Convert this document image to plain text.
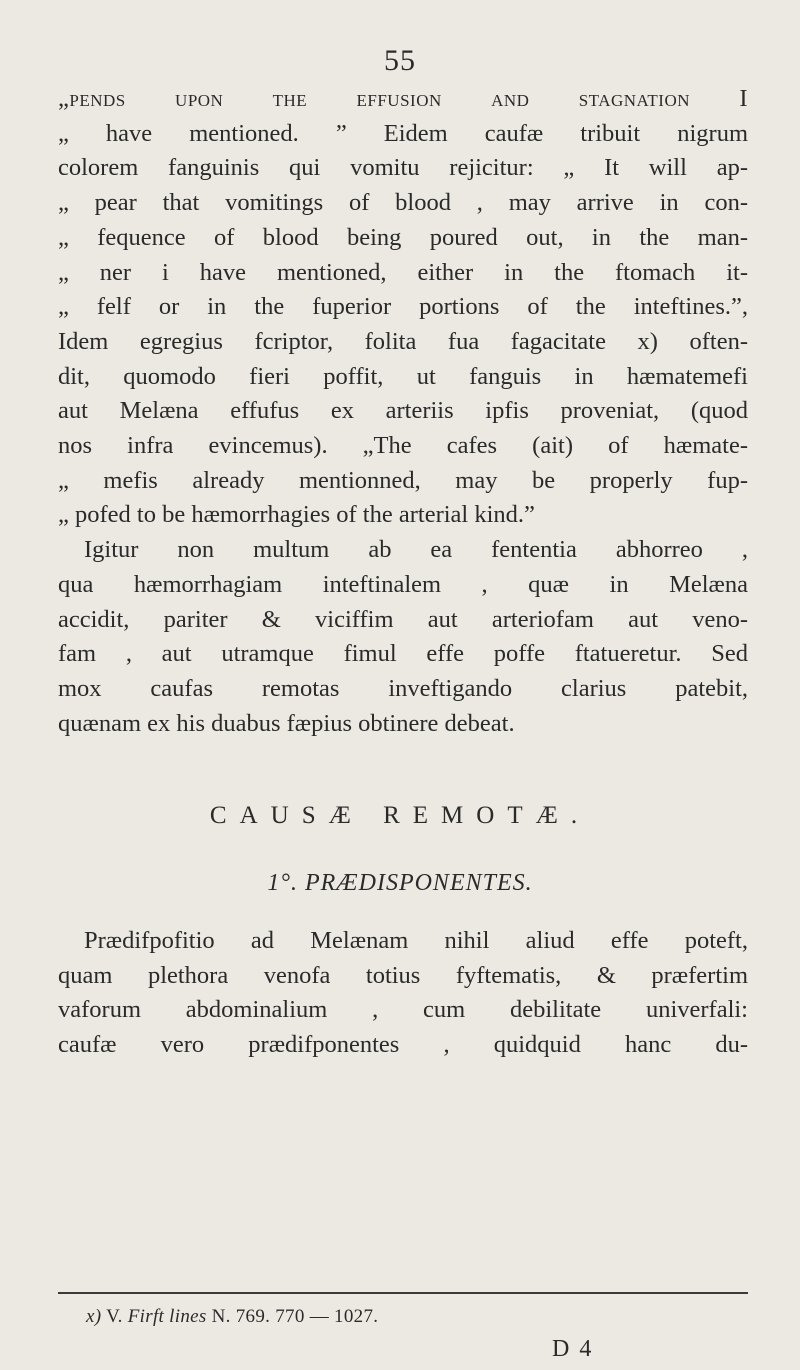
55
„pends upon the effusion and stagnation I
„ have mentioned. ” Eidem caufæ tribuit nigrum
colorem fanguinis qui vomitu rejicitur: „ It will ap-
„ pear that vomitings of blood , may arrive in con-
„ fequence of blood being poured out, in the man-
„ ner i have mentioned, either in the ftomach it-
„ felf or in the fuperior portions of the inteftines.”,
Idem egregius fcriptor, folita fua fagacitate x) often-
dit, quomodo fieri poffit, ut fanguis in hæmatemefi
aut Melæna effufus ex arteriis ipfis proveniat, (quod
nos infra evincemus). „The cafes (ait) of hæmate-
„ mefis already mentionned, may be properly fup-
„ pofed to be hæmorrhagies of the arterial kind.”
Igitur non multum ab ea fententia abhorreo ,
qua hæmorrhagiam inteftinalem , quæ in Melæna
accidit, pariter & viciffim aut arteriofam aut veno-
fam , aut utramque fimul effe poffe ftatueretur. Sed
mox caufas remotas inveftigando clarius patebit,
quænam ex his duabus fæpius obtinere debeat.
CAUSÆ REMOTÆ.
1°. PRÆDISPONENTES.
Prædifpofitio ad Melænam nihil aliud effe poteft,
quam plethora venofa totius fyftematis, & præfertim
vaforum abdominalium , cum debilitate univerfali:
caufæ vero prædifponentes , quidquid hanc du-
x) V. Firft lines N. 769. 770 — 1027.
D 4
